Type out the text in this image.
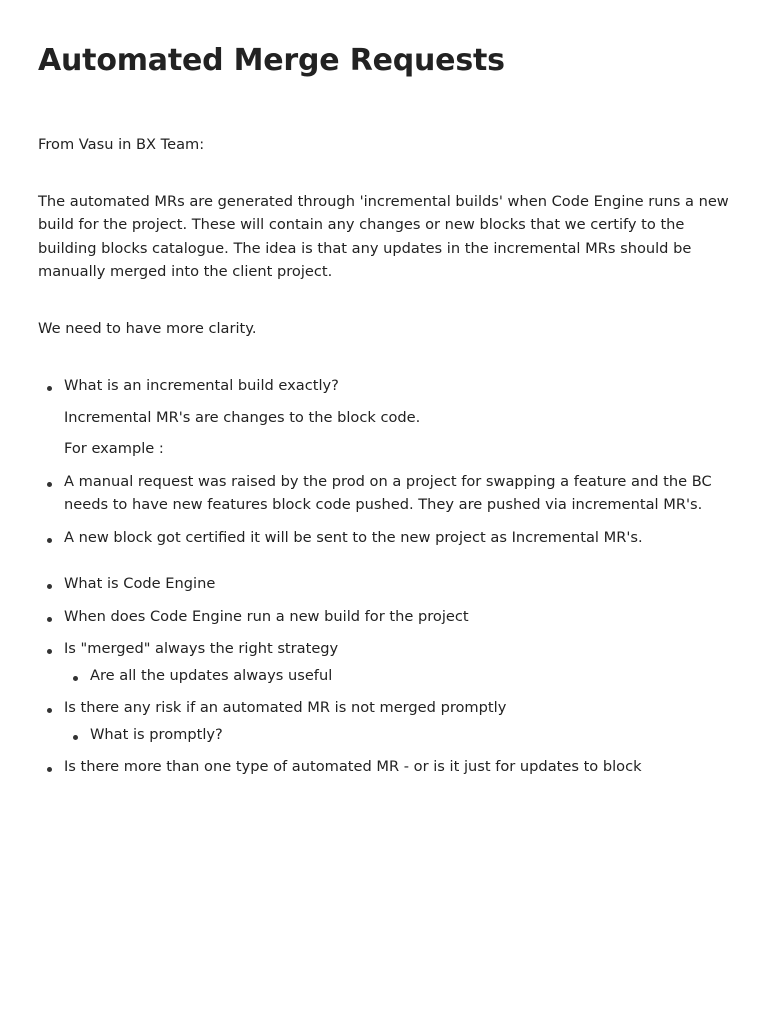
Automated Merge Requests

From Vasu in BX Team:

The automated MRs are generated through 'incremental builds' when Code Engine runs a new build for the project. These will contain any changes or new blocks that we certify to the building blocks catalogue. The idea is that any updates in the incremental MRs should be manually merged into the client project.

We need to have more clarity.

What is an incremental build exactly?
Incremental MR's are changes to the block code.
For example :
A manual request was raised by the prod on a project for swapping a feature and the BC needs to have new features block code pushed. They are pushed via incremental MR's.
A new block got certified it will be sent to the new project as Incremental MR's.
What is Code Engine
When does Code Engine run a new build for the project
Is "merged" always the right strategy
Are all the updates always useful
Is there any risk if an automated MR is not merged promptly
What is promptly?
Is there more than one type of automated MR - or is it just for updates to block
